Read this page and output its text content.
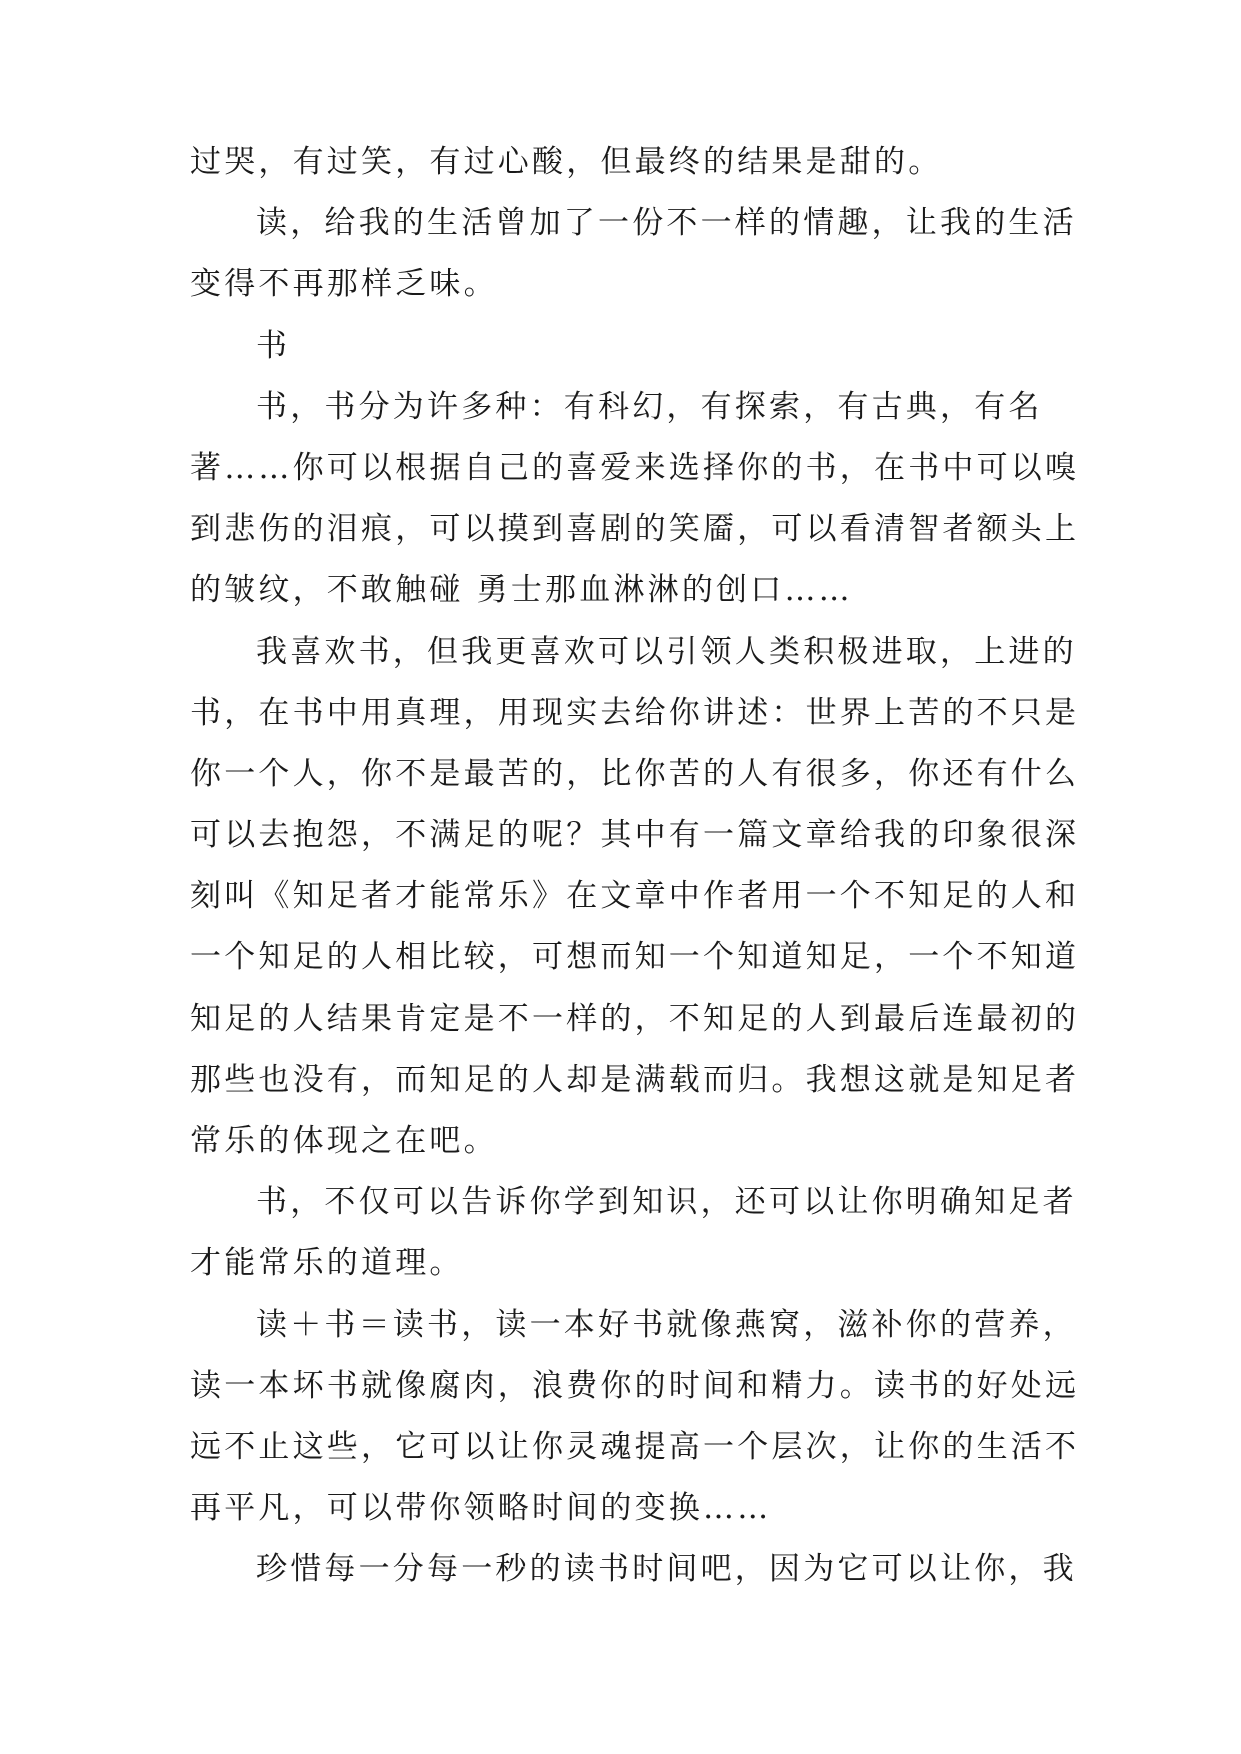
过哭，有过笑，有过心酸，但最终的结果是甜的。
读，给我的生活曾加了一份不一样的情趣，让我的生活
变得不再那样乏味。
书
书，书分为许多种：有科幻，有探索，有古典，有名
著……你可以根据自己的喜爱来选择你的书，在书中可以嗅
到悲伤的泪痕，可以摸到喜剧的笑靥，可以看清智者额头上
的皱纹，不敢触碰 勇士那血淋淋的创口……
我喜欢书，但我更喜欢可以引领人类积极进取，上进的
书，在书中用真理，用现实去给你讲述：世界上苦的不只是
你一个人，你不是最苦的，比你苦的人有很多，你还有什么
可以去抱怨，不满足的呢？其中有一篇文章给我的印象很深
刻叫《知足者才能常乐》在文章中作者用一个不知足的人和
一个知足的人相比较，可想而知一个知道知足，一个不知道
知足的人结果肯定是不一样的，不知足的人到最后连最初的
那些也没有，而知足的人却是满载而归。我想这就是知足者
常乐的体现之在吧。
书，不仅可以告诉你学到知识，还可以让你明确知足者
才能常乐的道理。
读＋书＝读书，读一本好书就像燕窝，滋补你的营养，
读一本坏书就像腐肉，浪费你的时间和精力。读书的好处远
远不止这些，它可以让你灵魂提高一个层次，让你的生活不
再平凡，可以带你领略时间的变换……
珍惜每一分每一秒的读书时间吧，因为它可以让你，我
